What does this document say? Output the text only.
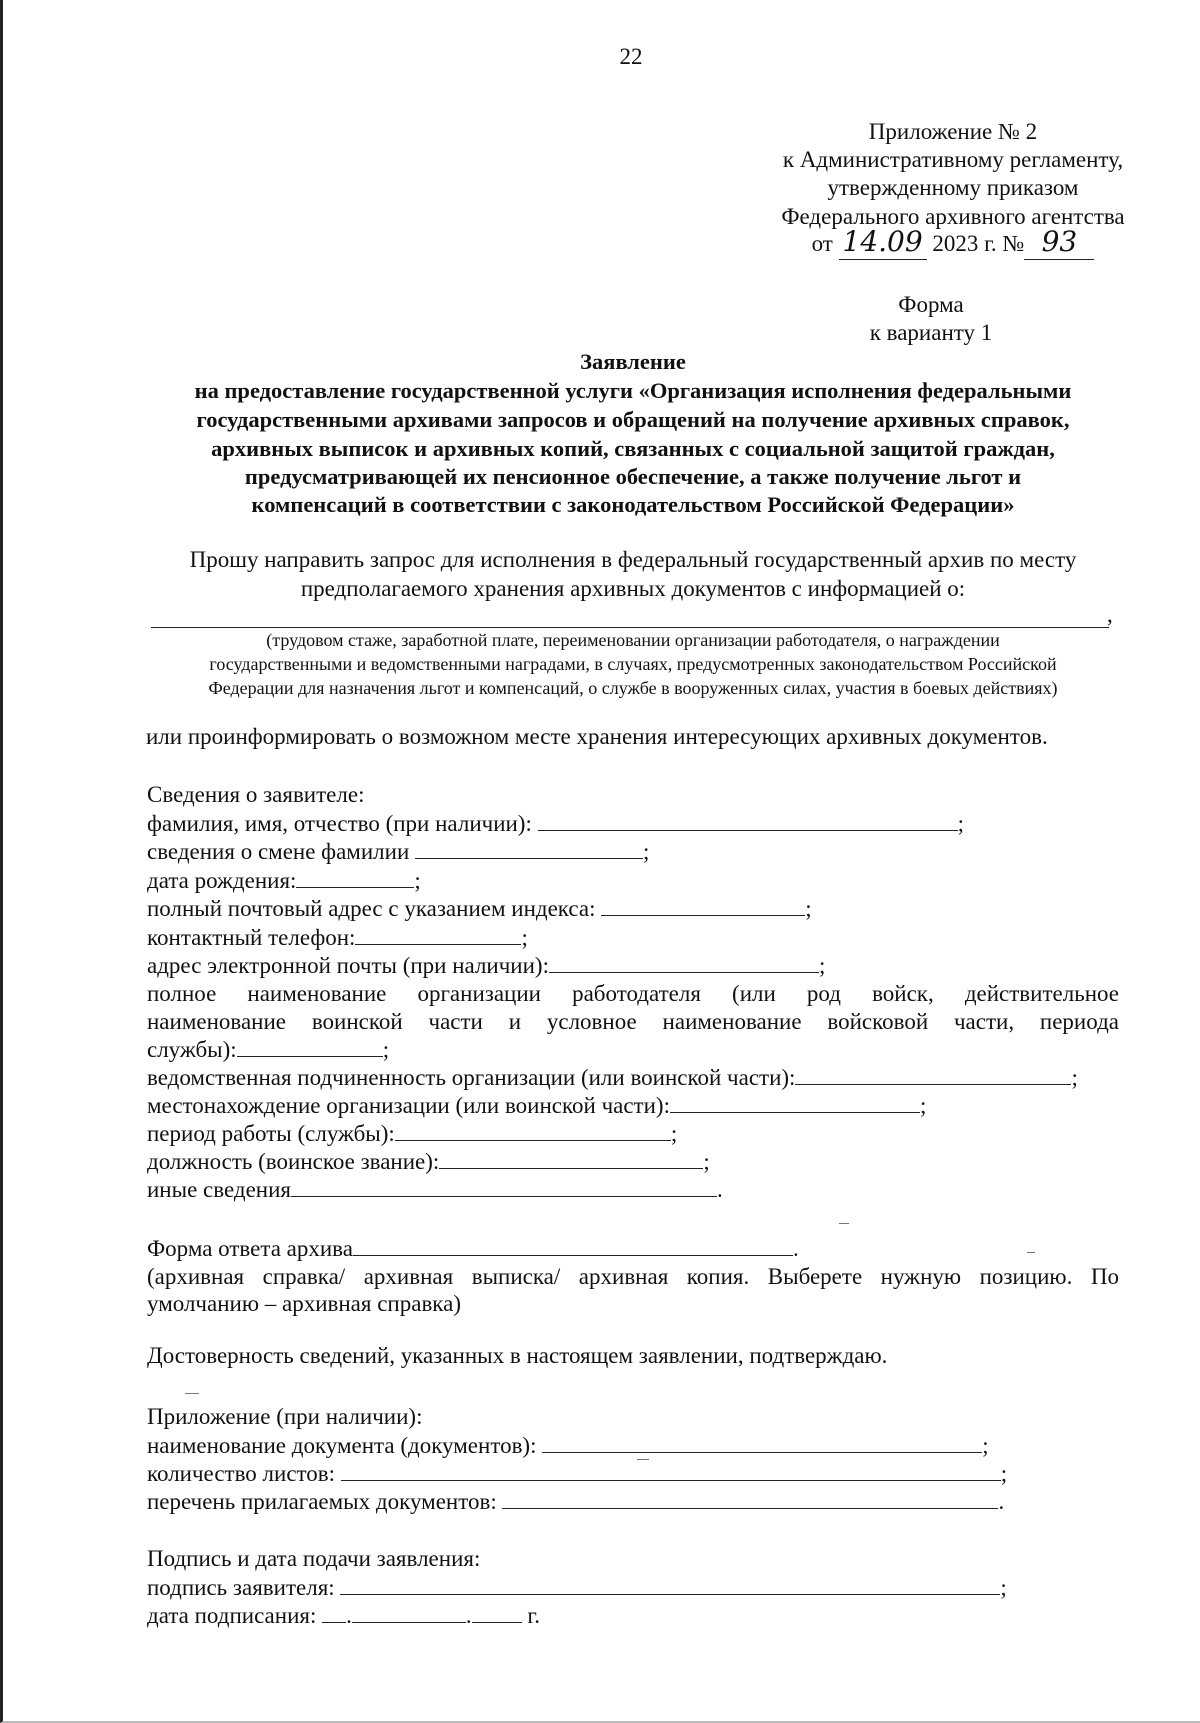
22
Приложение № 2
к Административному регламенту,
утвержденному приказом
Федерального архивного агентства
от 14.09 2023 г. № 93
Форма
к варианту 1
Заявление
на предоставление государственной услуги «Организация исполнения федеральными
государственными архивами запросов и обращений на получение архивных справок,
архивных выписок и архивных копий, связанных с социальной защитой граждан,
предусматривающей их пенсионное обеспечение, а также получение льгот и
компенсаций в соответствии с законодательством Российской Федерации»
Прошу направить запрос для исполнения в федеральный государственный архив по месту
предполагаемого хранения архивных документов с информацией о:
,
(трудовом стаже, заработной плате, переименовании организации работодателя, о награждении
государственными и ведомственными наградами, в случаях, предусмотренных законодательством Российской
Федерации для назначения льгот и компенсаций, о службе в вооруженных силах, участия в боевых действиях)
или проинформировать о возможном месте хранения интересующих архивных документов.
Сведения о заявителе:
фамилия, имя, отчество (при наличии):	;
сведения о смене фамилии	;
дата рождения:	;
полный почтовый адрес с указанием индекса:	;
контактный телефон:	;
адрес электронной почты (при наличии):	;
полное наименование организации работодателя (или род войск, действительное
наименование воинской части и условное наименование войсковой части, периода
службы):	;
ведомственная подчиненность организации (или воинской части):	;
местонахождение организации (или воинской части):	;
период работы (службы):	;
должность (воинское звание):	;
иные сведения	.
Форма ответа архива	.
(архивная справка/ архивная выписка/ архивная копия. Выберете нужную позицию. По
умолчанию – архивная справка)
Достоверность сведений, указанных в настоящем заявлении, подтверждаю.
Приложение (при наличии):
наименование документа (документов):	;
количество листов:	;
перечень прилагаемых документов:	.
Подпись и дата подачи заявления:
подпись заявителя:	;
дата подписания: .	. г.
